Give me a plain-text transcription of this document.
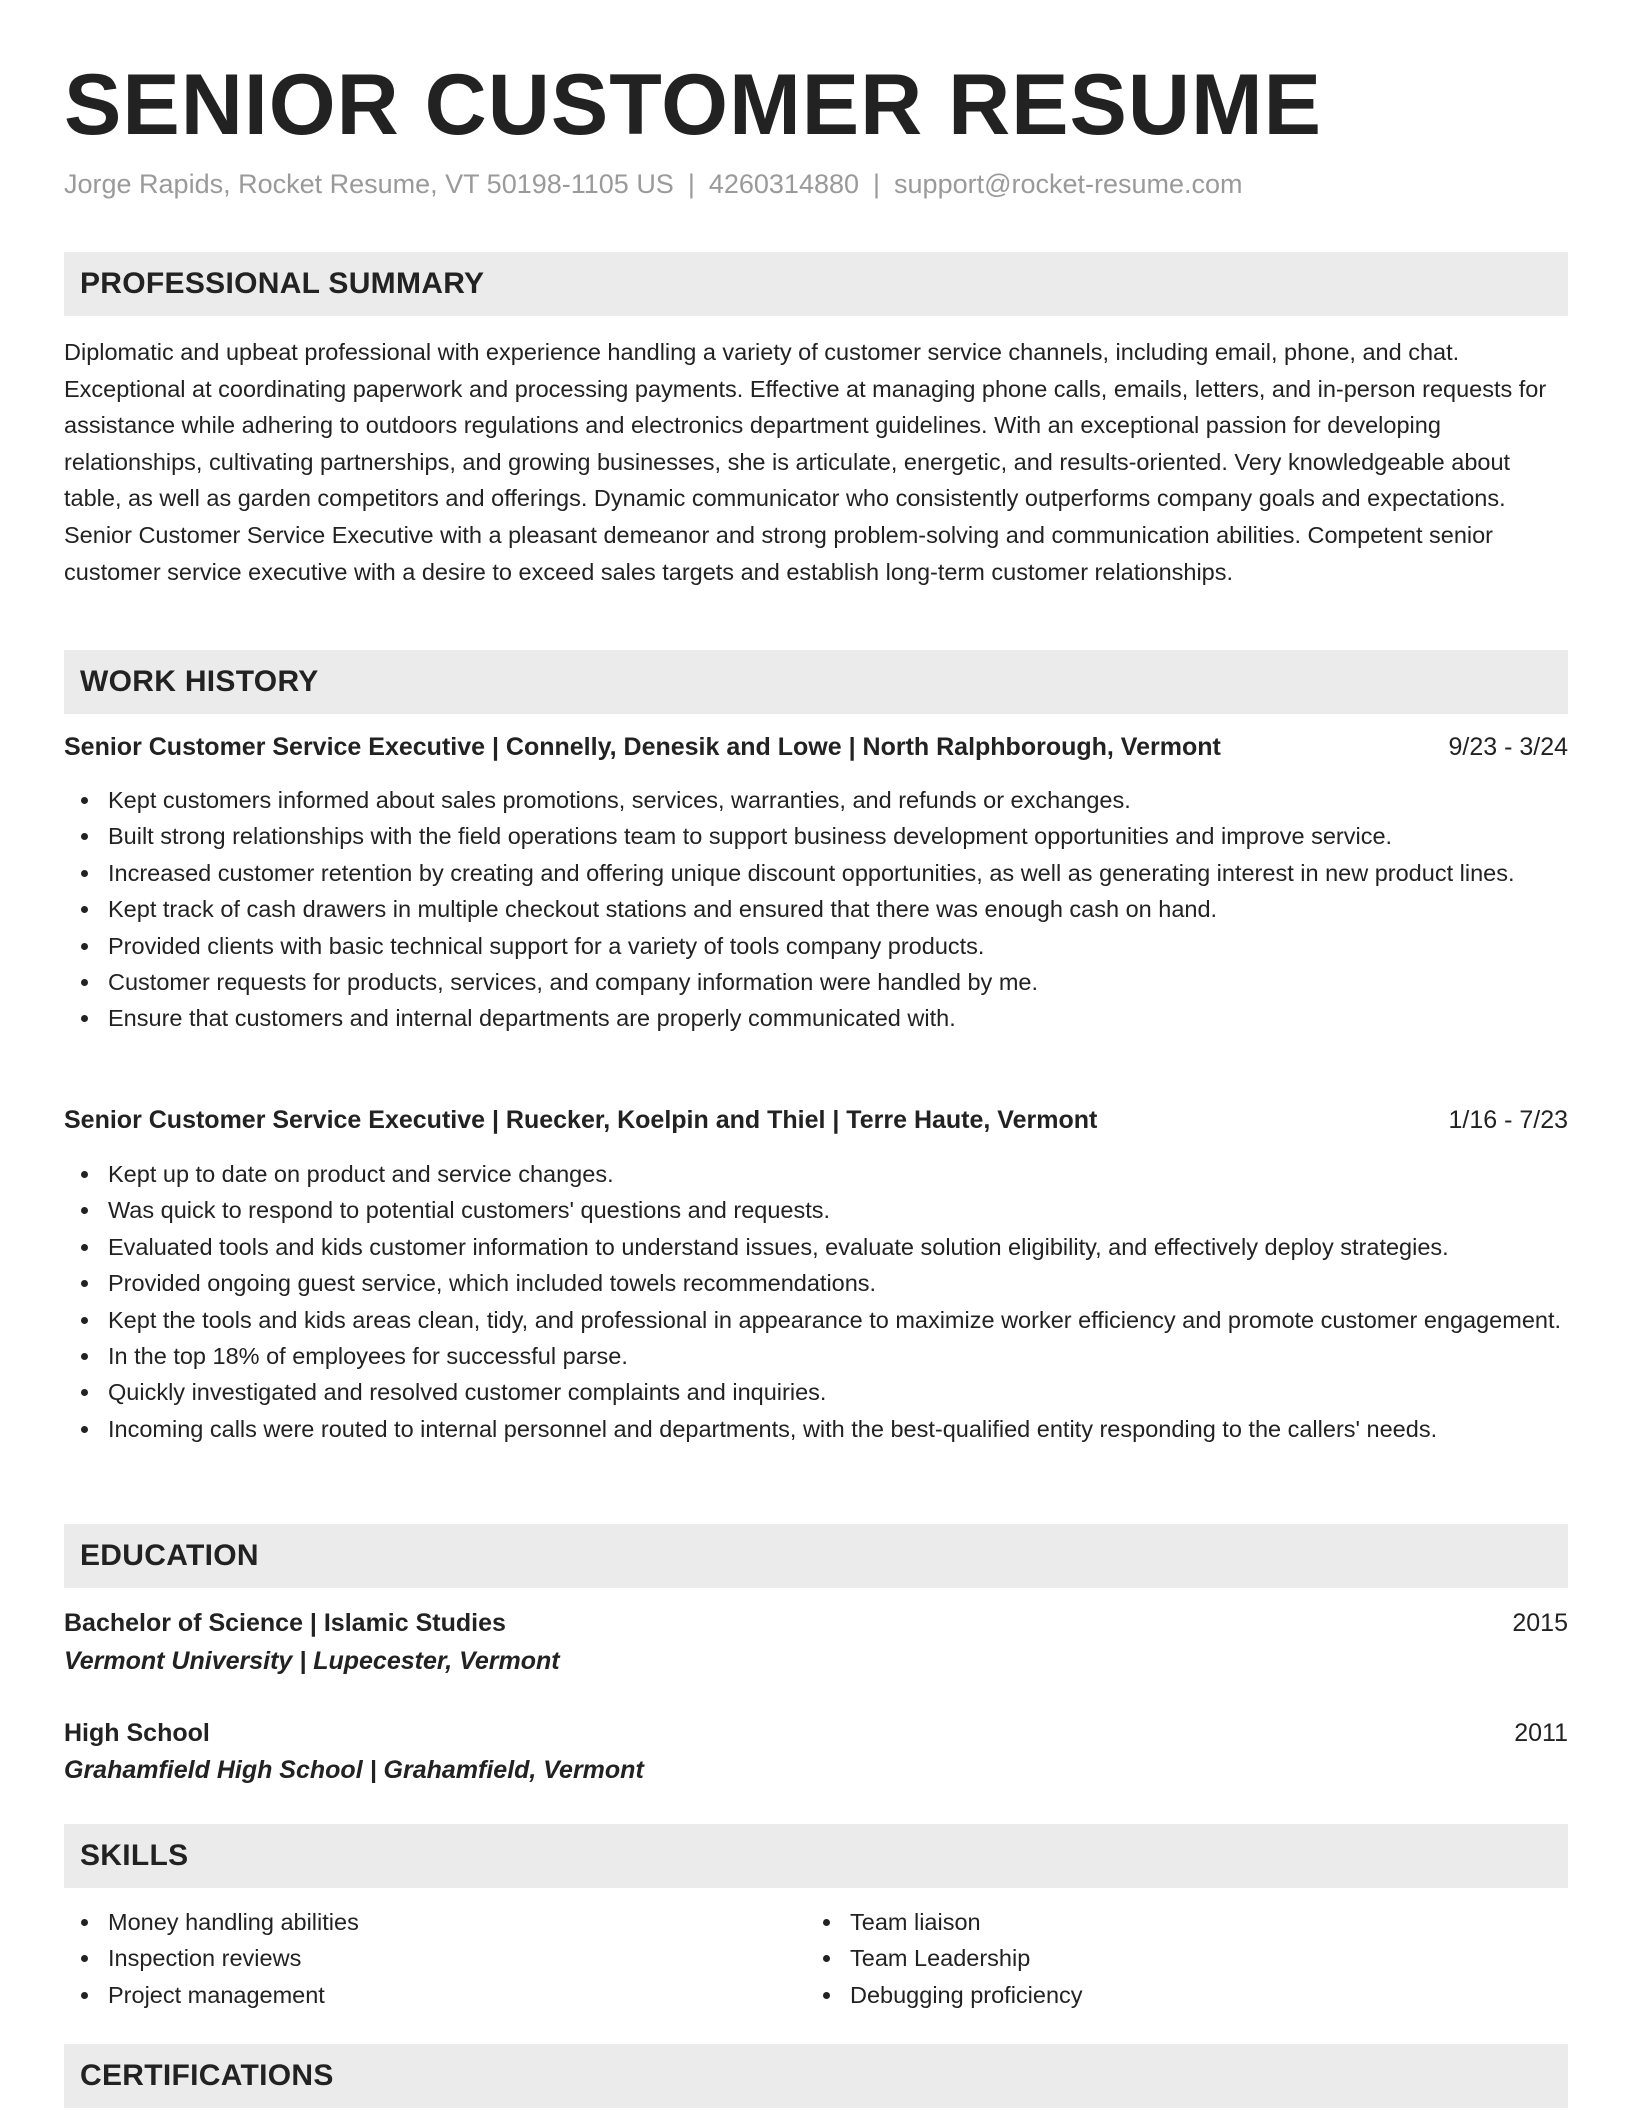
SENIOR CUSTOMER RESUME
Jorge Rapids, Rocket Resume, VT 50198-1105 US | 4260314880 | support@rocket-resume.com
PROFESSIONAL SUMMARY
Diplomatic and upbeat professional with experience handling a variety of customer service channels, including email, phone, and chat. Exceptional at coordinating paperwork and processing payments. Effective at managing phone calls, emails, letters, and in-person requests for assistance while adhering to outdoors regulations and electronics department guidelines. With an exceptional passion for developing relationships, cultivating partnerships, and growing businesses, she is articulate, energetic, and results-oriented. Very knowledgeable about table, as well as garden competitors and offerings. Dynamic communicator who consistently outperforms company goals and expectations. Senior Customer Service Executive with a pleasant demeanor and strong problem-solving and communication abilities. Competent senior customer service executive with a desire to exceed sales targets and establish long-term customer relationships.
WORK HISTORY
Senior Customer Service Executive | Connelly, Denesik and Lowe | North Ralphborough, Vermont	9/23 - 3/24
Kept customers informed about sales promotions, services, warranties, and refunds or exchanges.
Built strong relationships with the field operations team to support business development opportunities and improve service.
Increased customer retention by creating and offering unique discount opportunities, as well as generating interest in new product lines.
Kept track of cash drawers in multiple checkout stations and ensured that there was enough cash on hand.
Provided clients with basic technical support for a variety of tools company products.
Customer requests for products, services, and company information were handled by me.
Ensure that customers and internal departments are properly communicated with.
Senior Customer Service Executive | Ruecker, Koelpin and Thiel | Terre Haute, Vermont	1/16 - 7/23
Kept up to date on product and service changes.
Was quick to respond to potential customers' questions and requests.
Evaluated tools and kids customer information to understand issues, evaluate solution eligibility, and effectively deploy strategies.
Provided ongoing guest service, which included towels recommendations.
Kept the tools and kids areas clean, tidy, and professional in appearance to maximize worker efficiency and promote customer engagement.
In the top 18% of employees for successful parse.
Quickly investigated and resolved customer complaints and inquiries.
Incoming calls were routed to internal personnel and departments, with the best-qualified entity responding to the callers' needs.
EDUCATION
Bachelor of Science | Islamic Studies	2015
Vermont University | Lupecester, Vermont
High School	2011
Grahamfield High School | Grahamfield, Vermont
SKILLS
Money handling abilities
Inspection reviews
Project management
Team liaison
Team Leadership
Debugging proficiency
CERTIFICATIONS
